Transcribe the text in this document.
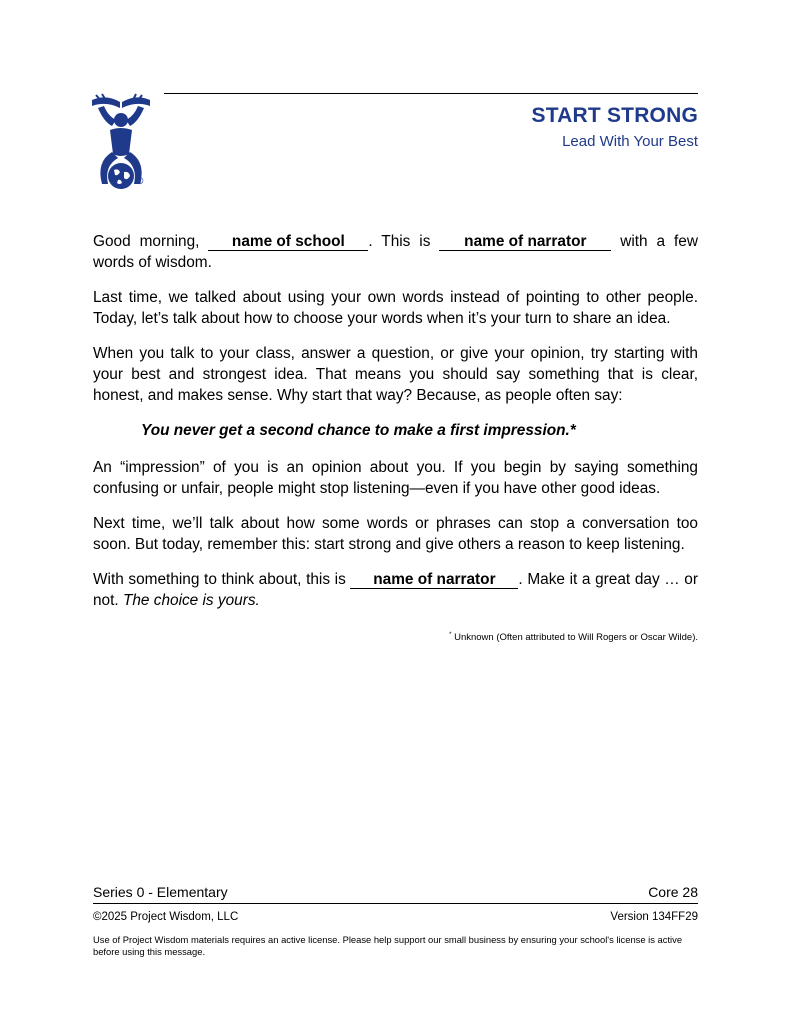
®
START STRONG
Lead With Your Best

Good morning, name of school . This is name of narrator with a few words of wisdom.

Last time, we talked about using your own words instead of pointing to other people. Today, let’s talk about how to choose your words when it’s your turn to share an idea.

When you talk to your class, answer a question, or give your opinion, try starting with your best and strongest idea. That means you should say something that is clear, honest, and makes sense. Why start that way? Because, as people often say:

You never get a second chance to make a first impression.*

An “impression” of you is an opinion about you. If you begin by saying something confusing or unfair, people might stop listening—even if you have other good ideas.

Next time, we’ll talk about how some words or phrases can stop a conversation too soon. But today, remember this: start strong and give others a reason to keep listening.

With something to think about, this is name of narrator . Make it a great day … or not. The choice is yours.

* Unknown (Often attributed to Will Rogers or Oscar Wilde).
Series 0 - Elementary	Core 28
©2025 Project Wisdom, LLC	Version 134FF29
Use of Project Wisdom materials requires an active license. Please help support our small business by ensuring your school's license is active before using this message.
